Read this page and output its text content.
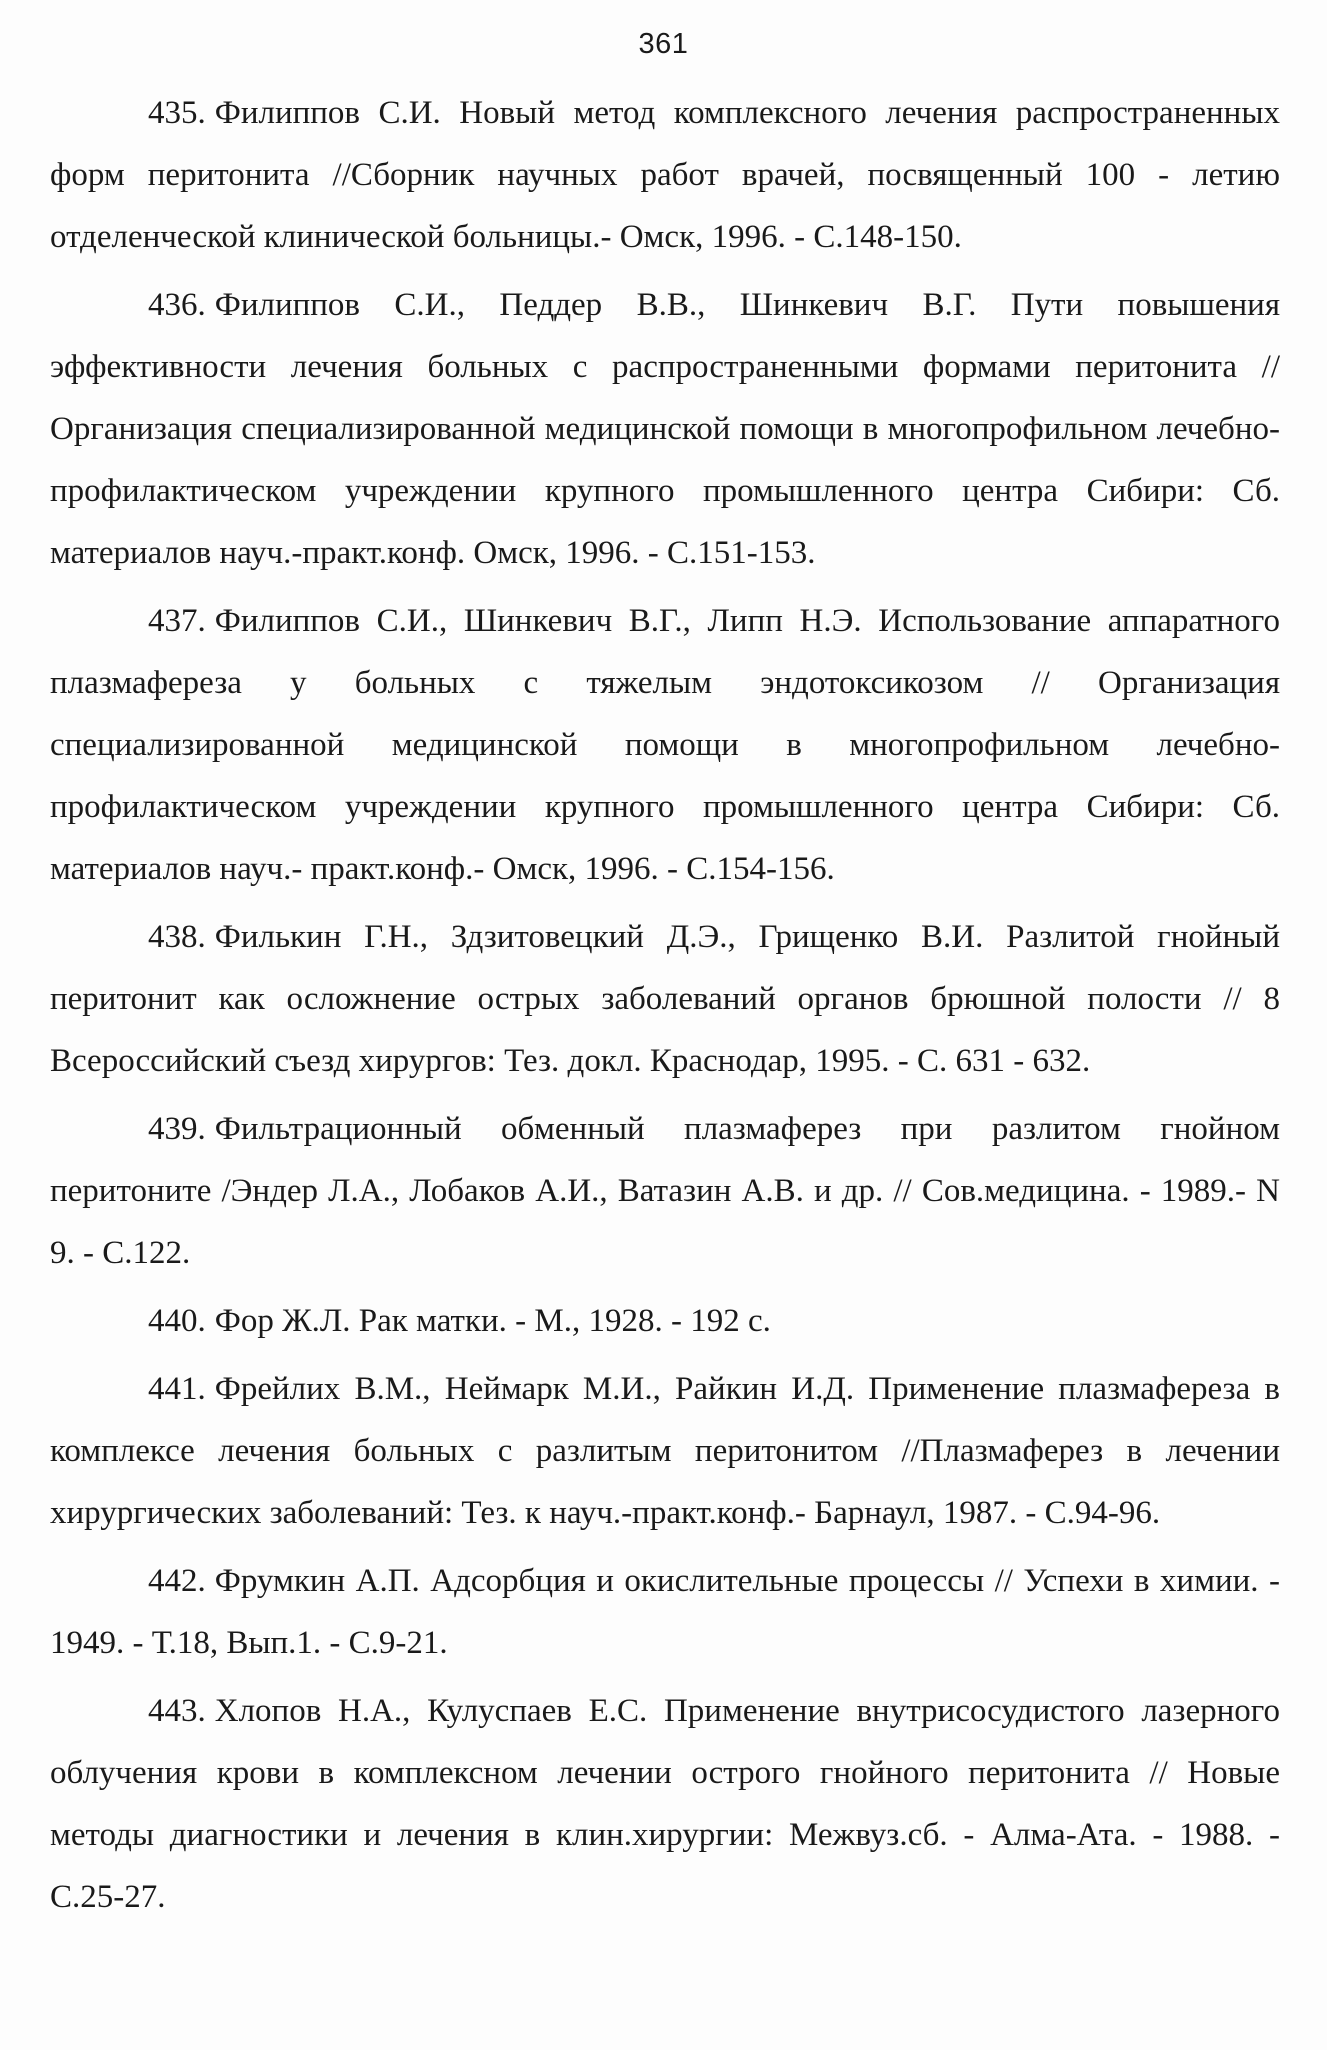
361

435. Филиппов С.И. Новый метод комплексного лечения распространенных форм перитонита //Сборник научных работ врачей, посвященный 100 - летию отделенческой клинической больницы.- Омск, 1996. - С.148-150.

436. Филиппов С.И., Педдер В.В., Шинкевич В.Г. Пути повышения эффективности лечения больных с распространенными формами перитонита // Организация специализированной медицинской помощи в многопрофильном лечебно-профилактическом учреждении крупного промышленного центра Сибири: Сб. материалов науч.-практ.конф. Омск, 1996. - С.151-153.

437. Филиппов С.И., Шинкевич В.Г., Липп Н.Э. Использование аппаратного плазмафереза у больных с тяжелым эндотоксикозом // Организация специализированной медицинской помощи в многопрофильном лечебно-профилактическом учреждении крупного промышленного центра Сибири: Сб. материалов науч.- практ.конф.- Омск, 1996. - С.154-156.

438. Филькин Г.Н., Здзитовецкий Д.Э., Грищенко В.И. Разлитой гнойный перитонит как осложнение острых заболеваний органов брюшной полости // 8 Всероссийский съезд хирургов: Тез. докл. Краснодар, 1995. - С. 631 - 632.

439. Фильтрационный обменный плазмаферез при разлитом гнойном перитоните /Эндер Л.А., Лобаков А.И., Ватазин А.В. и др. // Сов.медицина. - 1989.- N 9. - С.122.

440. Фор Ж.Л. Рак матки. - М., 1928. - 192 с.

441. Фрейлих В.М., Неймарк М.И., Райкин И.Д. Применение плазмафереза в комплексе лечения больных с разлитым перитонитом //Плазмаферез в лечении хирургических заболеваний: Тез. к науч.-практ.конф.- Барнаул, 1987. - С.94-96.

442. Фрумкин А.П. Адсорбция и окислительные процессы // Успехи в химии. - 1949. - Т.18, Вып.1. - С.9-21.

443. Хлопов Н.А., Кулуспаев Е.С. Применение внутрисосудистого лазерного облучения крови в комплексном лечении острого гнойного перитонита // Новые методы диагностики и лечения в клин.хирургии: Межвуз.сб. - Алма-Ата. - 1988. - С.25-27.
